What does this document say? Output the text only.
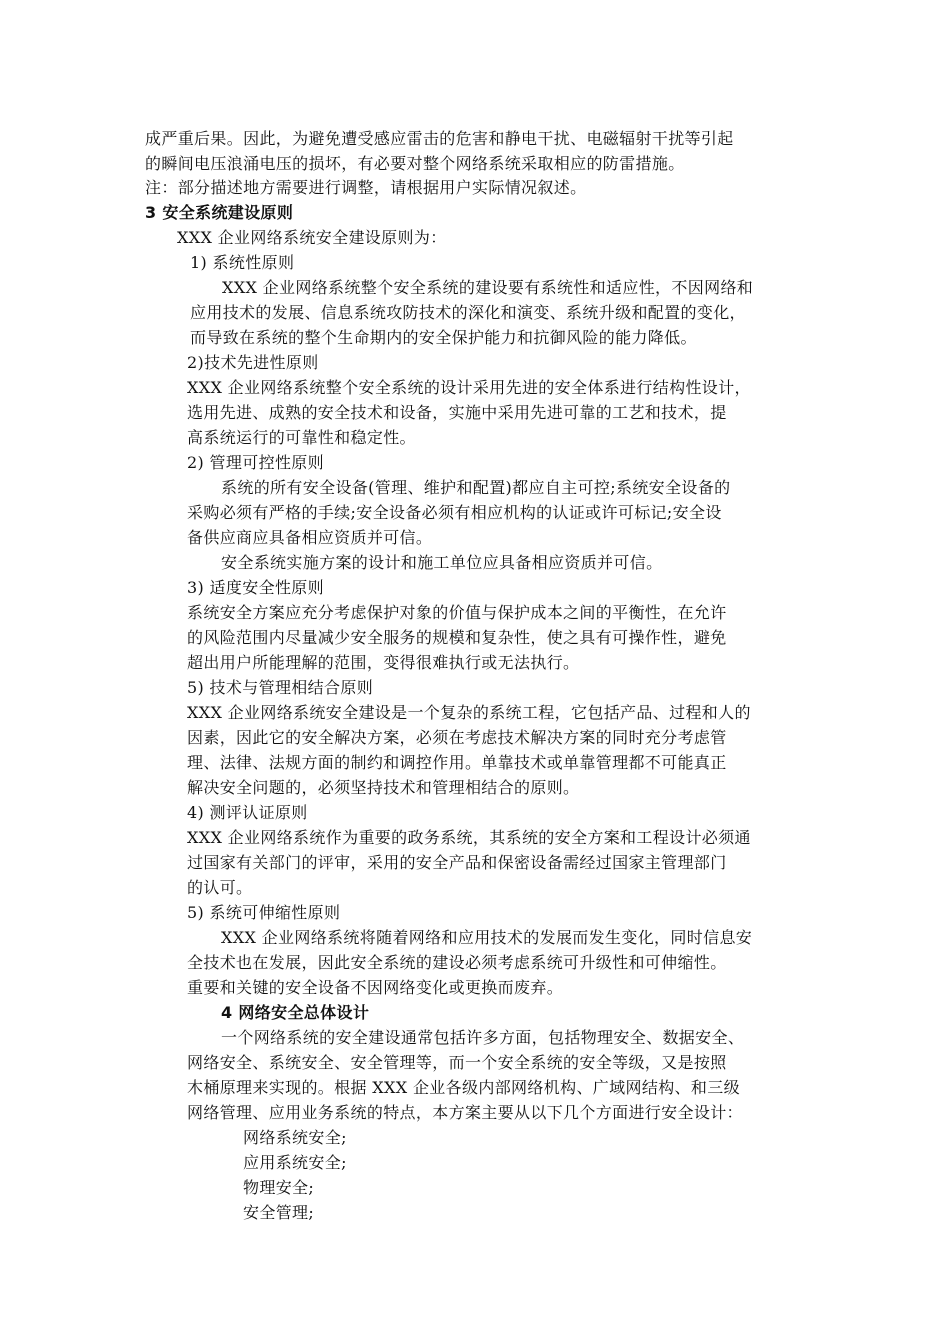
成严重后果。因此，为避免遭受感应雷击的危害和静电干扰、电磁辐射干扰等引起

的瞬间电压浪涌电压的损坏，有必要对整个网络系统采取相应的防雷措施。

注：部分描述地方需要进行调整，请根据用户实际情况叙述。

3 安全系统建设原则

XXX 企业网络系统安全建设原则为：

1) 系统性原则

XXX 企业网络系统整个安全系统的建设要有系统性和适应性，不因网络和

应用技术的发展、信息系统攻防技术的深化和演变、系统升级和配置的变化，

而导致在系统的整个生命期内的安全保护能力和抗御风险的能力降低。

2)技术先进性原则

XXX 企业网络系统整个安全系统的设计采用先进的安全体系进行结构性设计，

选用先进、成熟的安全技术和设备，实施中采用先进可靠的工艺和技术，提

高系统运行的可靠性和稳定性。

2) 管理可控性原则

系统的所有安全设备(管理、维护和配置)都应自主可控;系统安全设备的

采购必须有严格的手续;安全设备必须有相应机构的认证或许可标记;安全设

备供应商应具备相应资质并可信。

安全系统实施方案的设计和施工单位应具备相应资质并可信。

3) 适度安全性原则

系统安全方案应充分考虑保护对象的价值与保护成本之间的平衡性，在允许

的风险范围内尽量减少安全服务的规模和复杂性，使之具有可操作性，避免

超出用户所能理解的范围，变得很难执行或无法执行。

5) 技术与管理相结合原则

XXX 企业网络系统安全建设是一个复杂的系统工程，它包括产品、过程和人的

因素，因此它的安全解决方案，必须在考虑技术解决方案的同时充分考虑管

理、法律、法规方面的制约和调控作用。单靠技术或单靠管理都不可能真正

解决安全问题的，必须坚持技术和管理相结合的原则。

4) 测评认证原则

XXX 企业网络系统作为重要的政务系统，其系统的安全方案和工程设计必须通

过国家有关部门的评审，采用的安全产品和保密设备需经过国家主管理部门

的认可。

5) 系统可伸缩性原则

XXX 企业网络系统将随着网络和应用技术的发展而发生变化，同时信息安

全技术也在发展，因此安全系统的建设必须考虑系统可升级性和可伸缩性。

重要和关键的安全设备不因网络变化或更换而废弃。

4 网络安全总体设计

一个网络系统的安全建设通常包括许多方面，包括物理安全、数据安全、

网络安全、系统安全、安全管理等，而一个安全系统的安全等级，又是按照

木桶原理来实现的。根据 XXX 企业各级内部网络机构、广域网结构、和三级

网络管理、应用业务系统的特点，本方案主要从以下几个方面进行安全设计：

网络系统安全;

应用系统安全;

物理安全;

安全管理;
